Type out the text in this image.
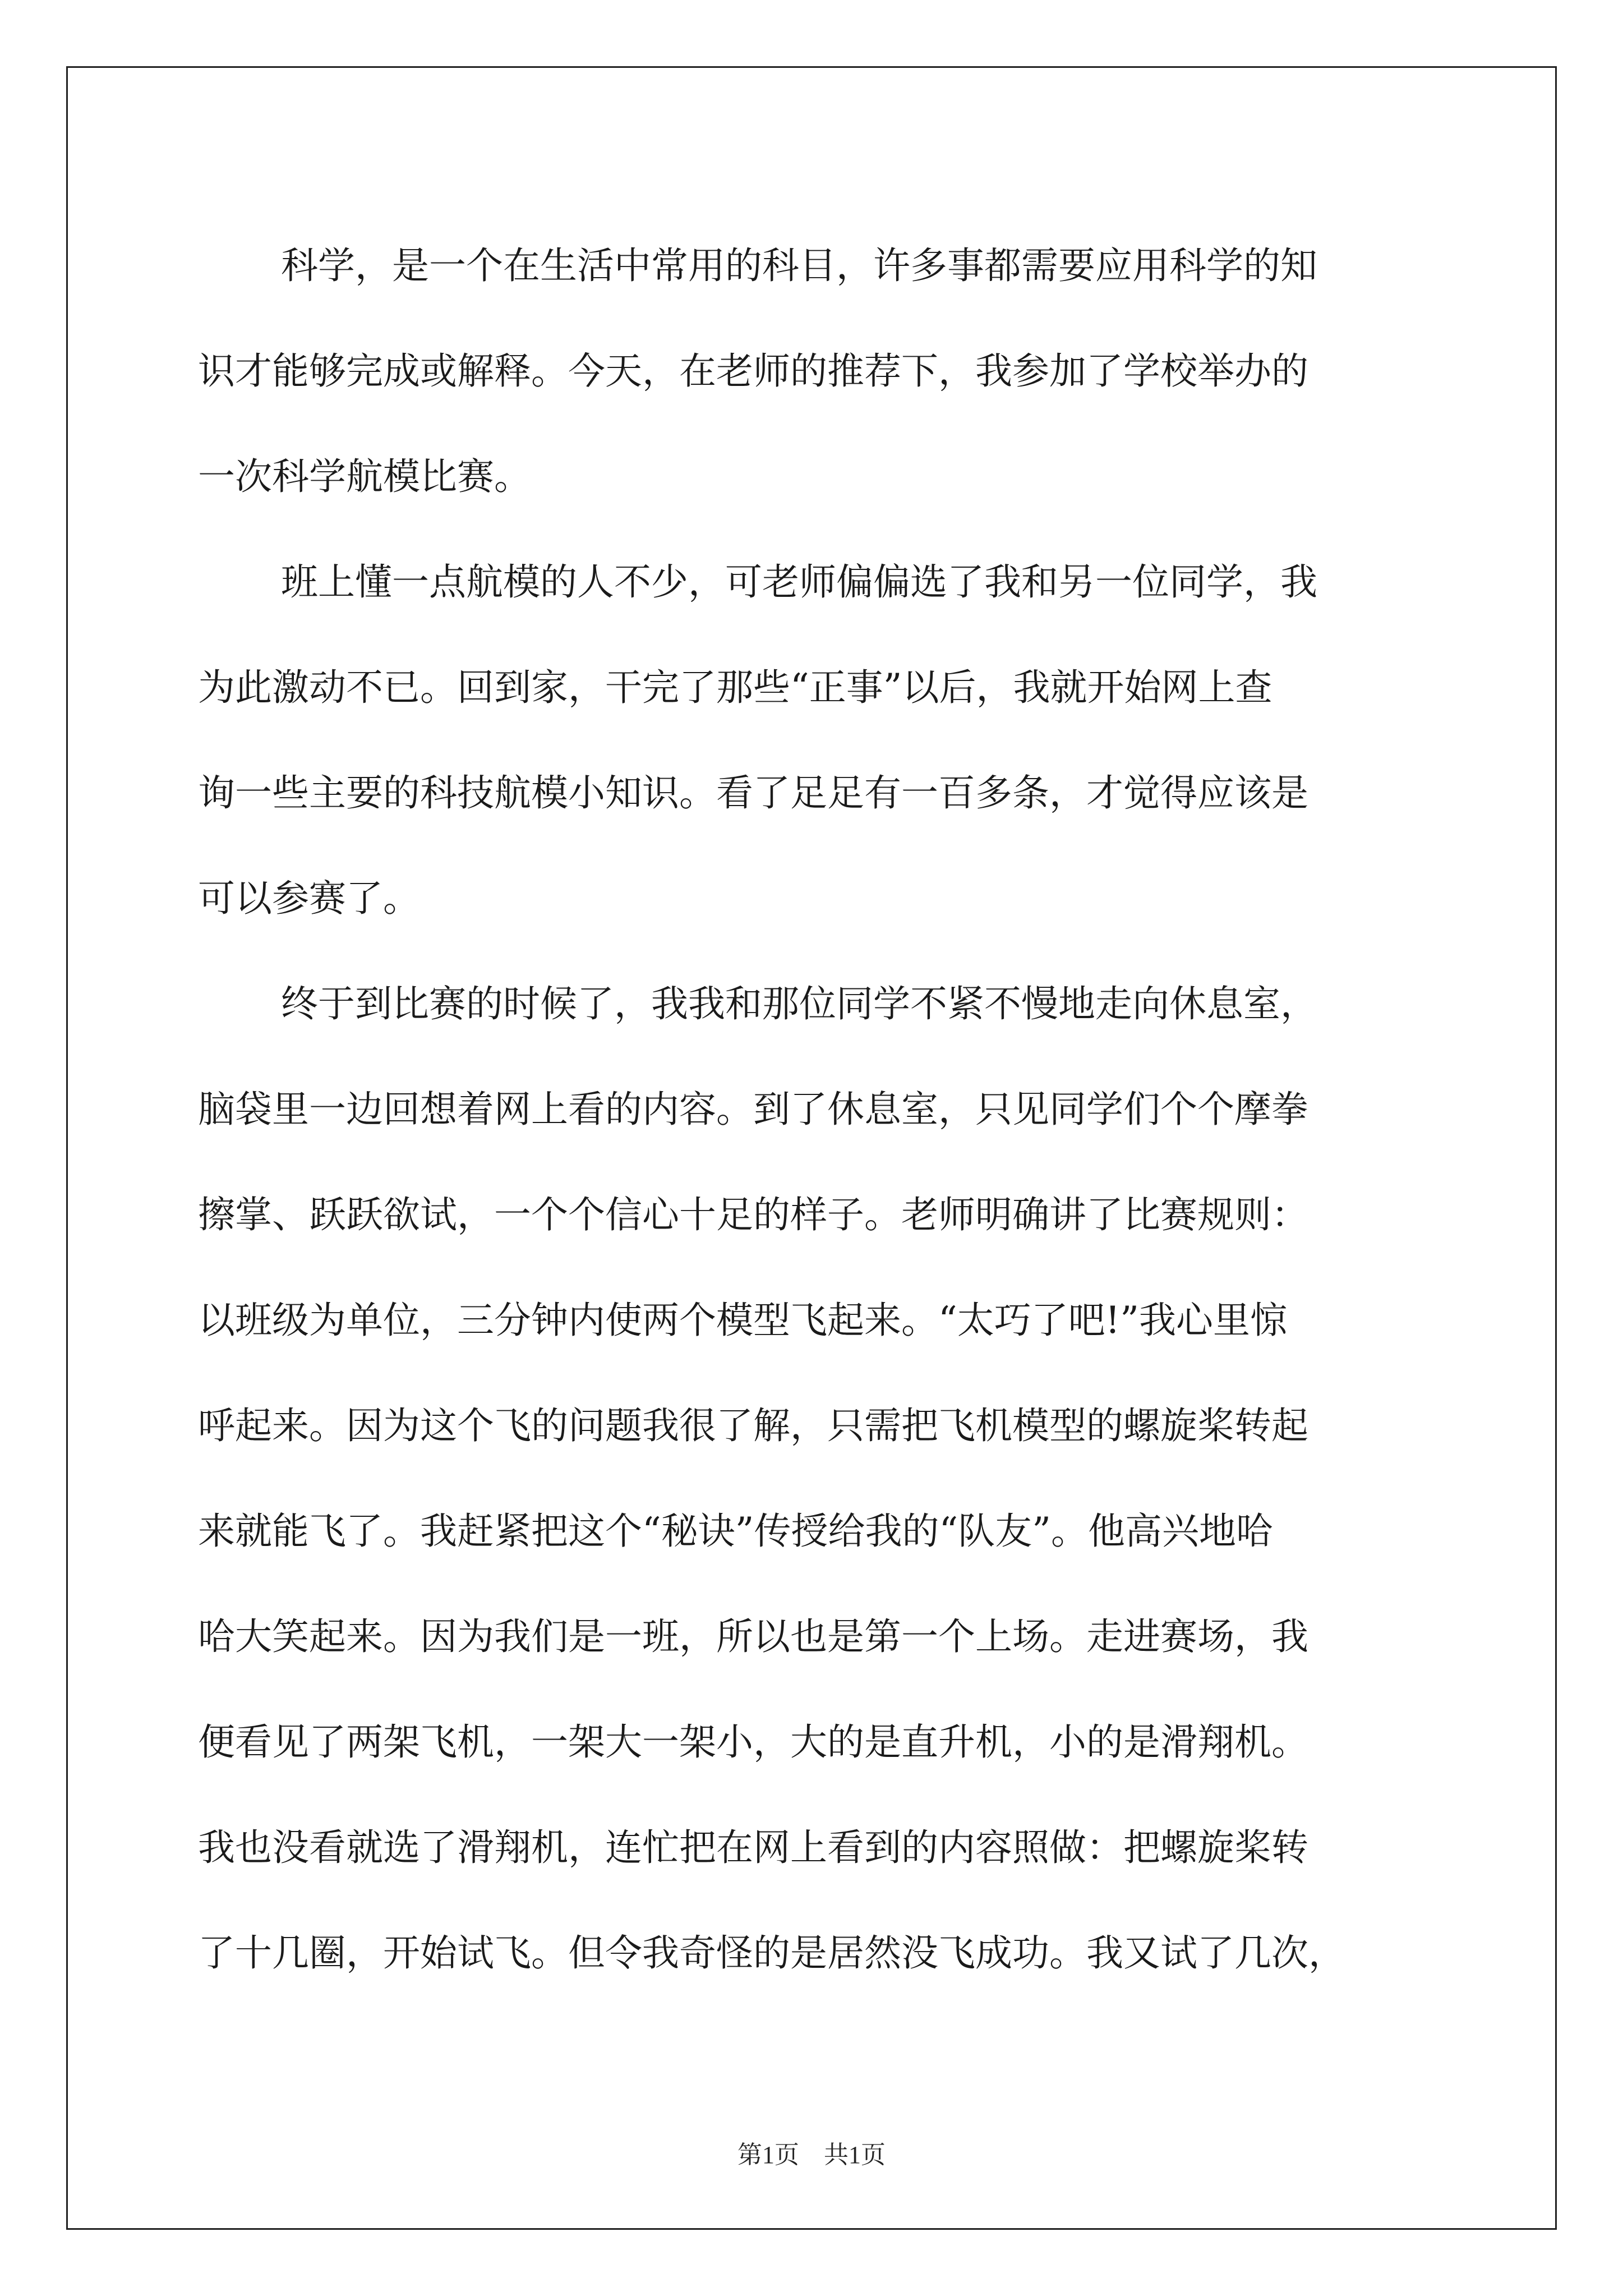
科学，是一个在生活中常用的科目，许多事都需要应用科学的知
识才能够完成或解释。今天，在老师的推荐下，我参加了学校举办的
一次科学航模比赛。
班上懂一点航模的人不少，可老师偏偏选了我和另一位同学，我
为此激动不已。回到家，干完了那些“正事”以后，我就开始网上查
询一些主要的科技航模小知识。看了足足有一百多条，才觉得应该是
可以参赛了。
终于到比赛的时候了，我我和那位同学不紧不慢地走向休息室，
脑袋里一边回想着网上看的内容。到了休息室，只见同学们个个摩拳
擦掌、跃跃欲试，一个个信心十足的样子。老师明确讲了比赛规则：
以班级为单位，三分钟内使两个模型飞起来。“太巧了吧!”我心里惊
呼起来。因为这个飞的问题我很了解，只需把飞机模型的螺旋桨转起
来就能飞了。我赶紧把这个“秘诀”传授给我的“队友”。他高兴地哈
哈大笑起来。因为我们是一班，所以也是第一个上场。走进赛场，我
便看见了两架飞机，一架大一架小，大的是直升机，小的是滑翔机。
我也没看就选了滑翔机，连忙把在网上看到的内容照做：把螺旋桨转
了十几圈，开始试飞。但令我奇怪的是居然没飞成功。我又试了几次，
第1页　共1页
